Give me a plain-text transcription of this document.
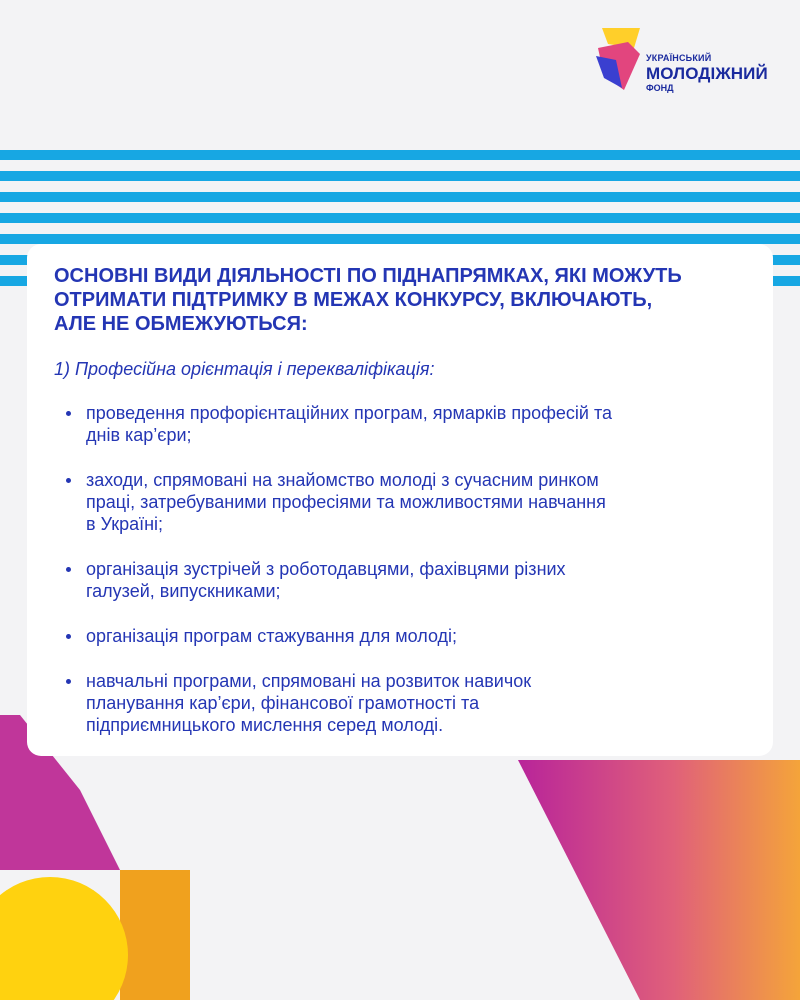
УКРАЇНСЬКИЙ
МОЛОДІЖНИЙ
ФОНД
ОСНОВНІ ВИДИ ДІЯЛЬНОСТІ ПО ПІДНАПРЯМКАХ, ЯКІ МОЖУТЬ
ОТРИМАТИ ПІДТРИМКУ В МЕЖАХ КОНКУРСУ, ВКЛЮЧАЮТЬ,
АЛЕ НЕ ОБМЕЖУЮТЬСЯ:

1) Професійна орієнтація і перекваліфікація:

проведення профорієнтаційних програм, ярмарків професій та
днів кар’єри;
заходи, спрямовані на знайомство молоді з сучасним ринком
праці, затребуваними професіями та можливостями навчання
в Україні;
організація зустрічей з роботодавцями, фахівцями різних
галузей, випускниками;
організація програм стажування для молоді;
навчальні програми, спрямовані на розвиток навичок
планування кар’єри, фінансової грамотності та
підприємницького мислення серед молоді.
